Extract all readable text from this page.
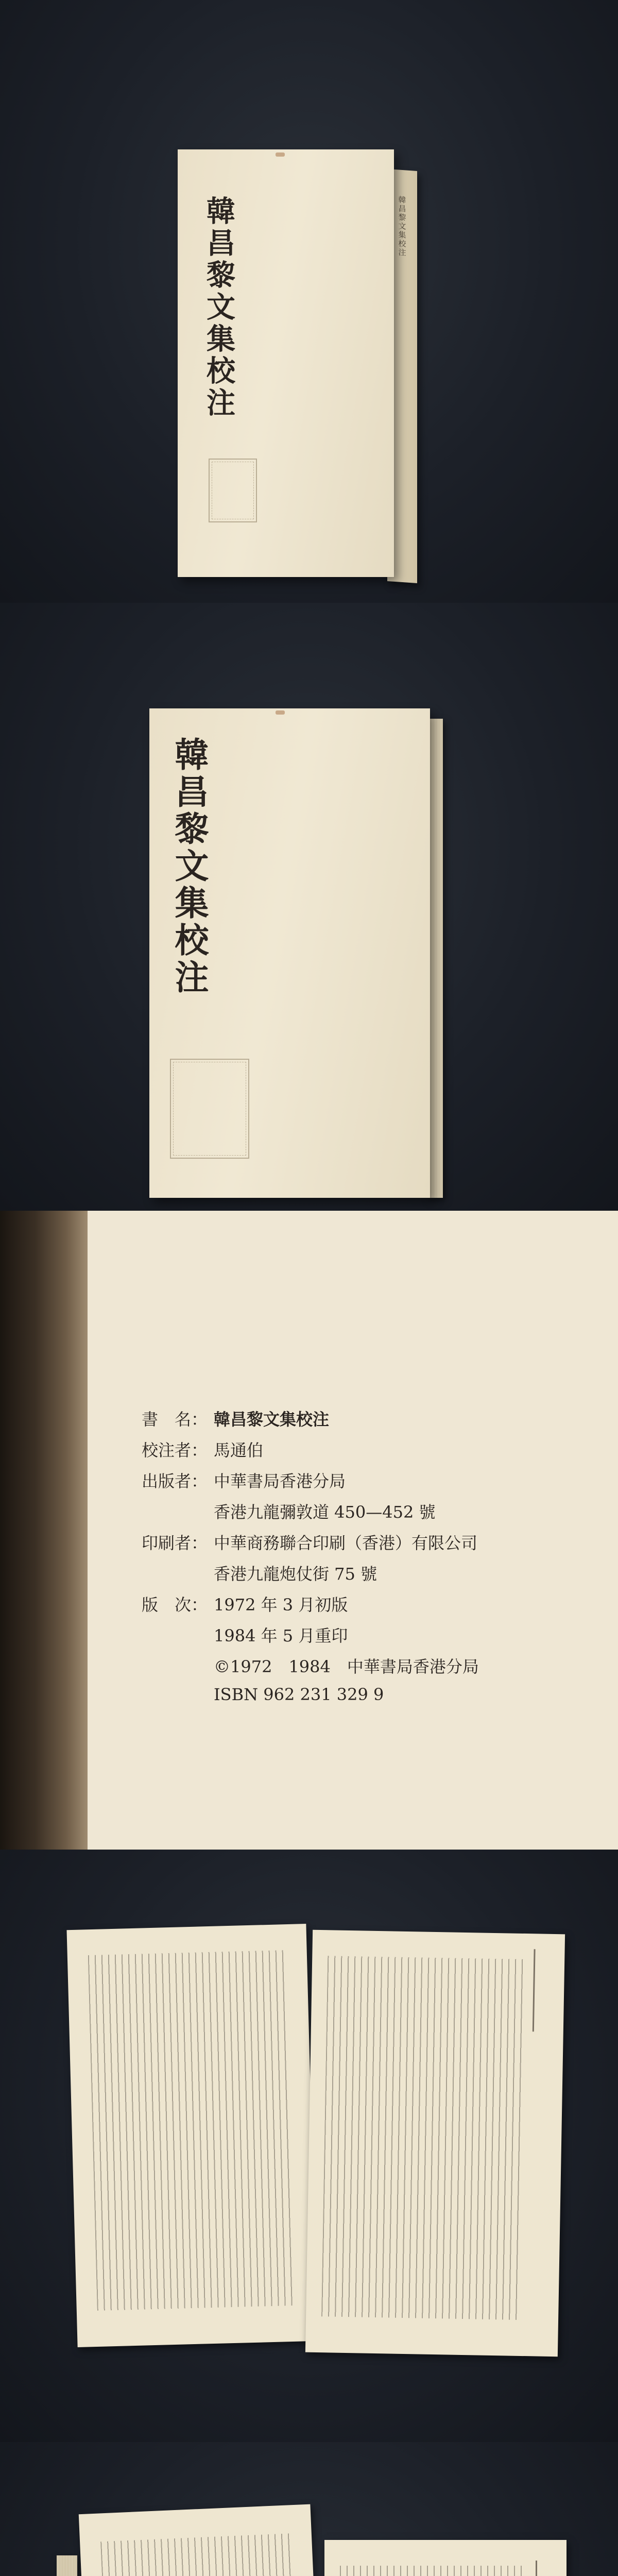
韓昌黎文集校注
韓昌黎文集校注
韓昌黎文集校注
書　名： 韓昌黎文集校注
校注者： 馬通伯
出版者： 中華書局香港分局
香港九龍彌敦道 450—452 號
印刷者： 中華商務聯合印刷（香港）有限公司
香港九龍炮仗街 75 號
版　次： 1972 年 3 月初版
1984 年 5 月重印
©1972　1984　中華書局香港分局
ISBN 962 231 329 9
